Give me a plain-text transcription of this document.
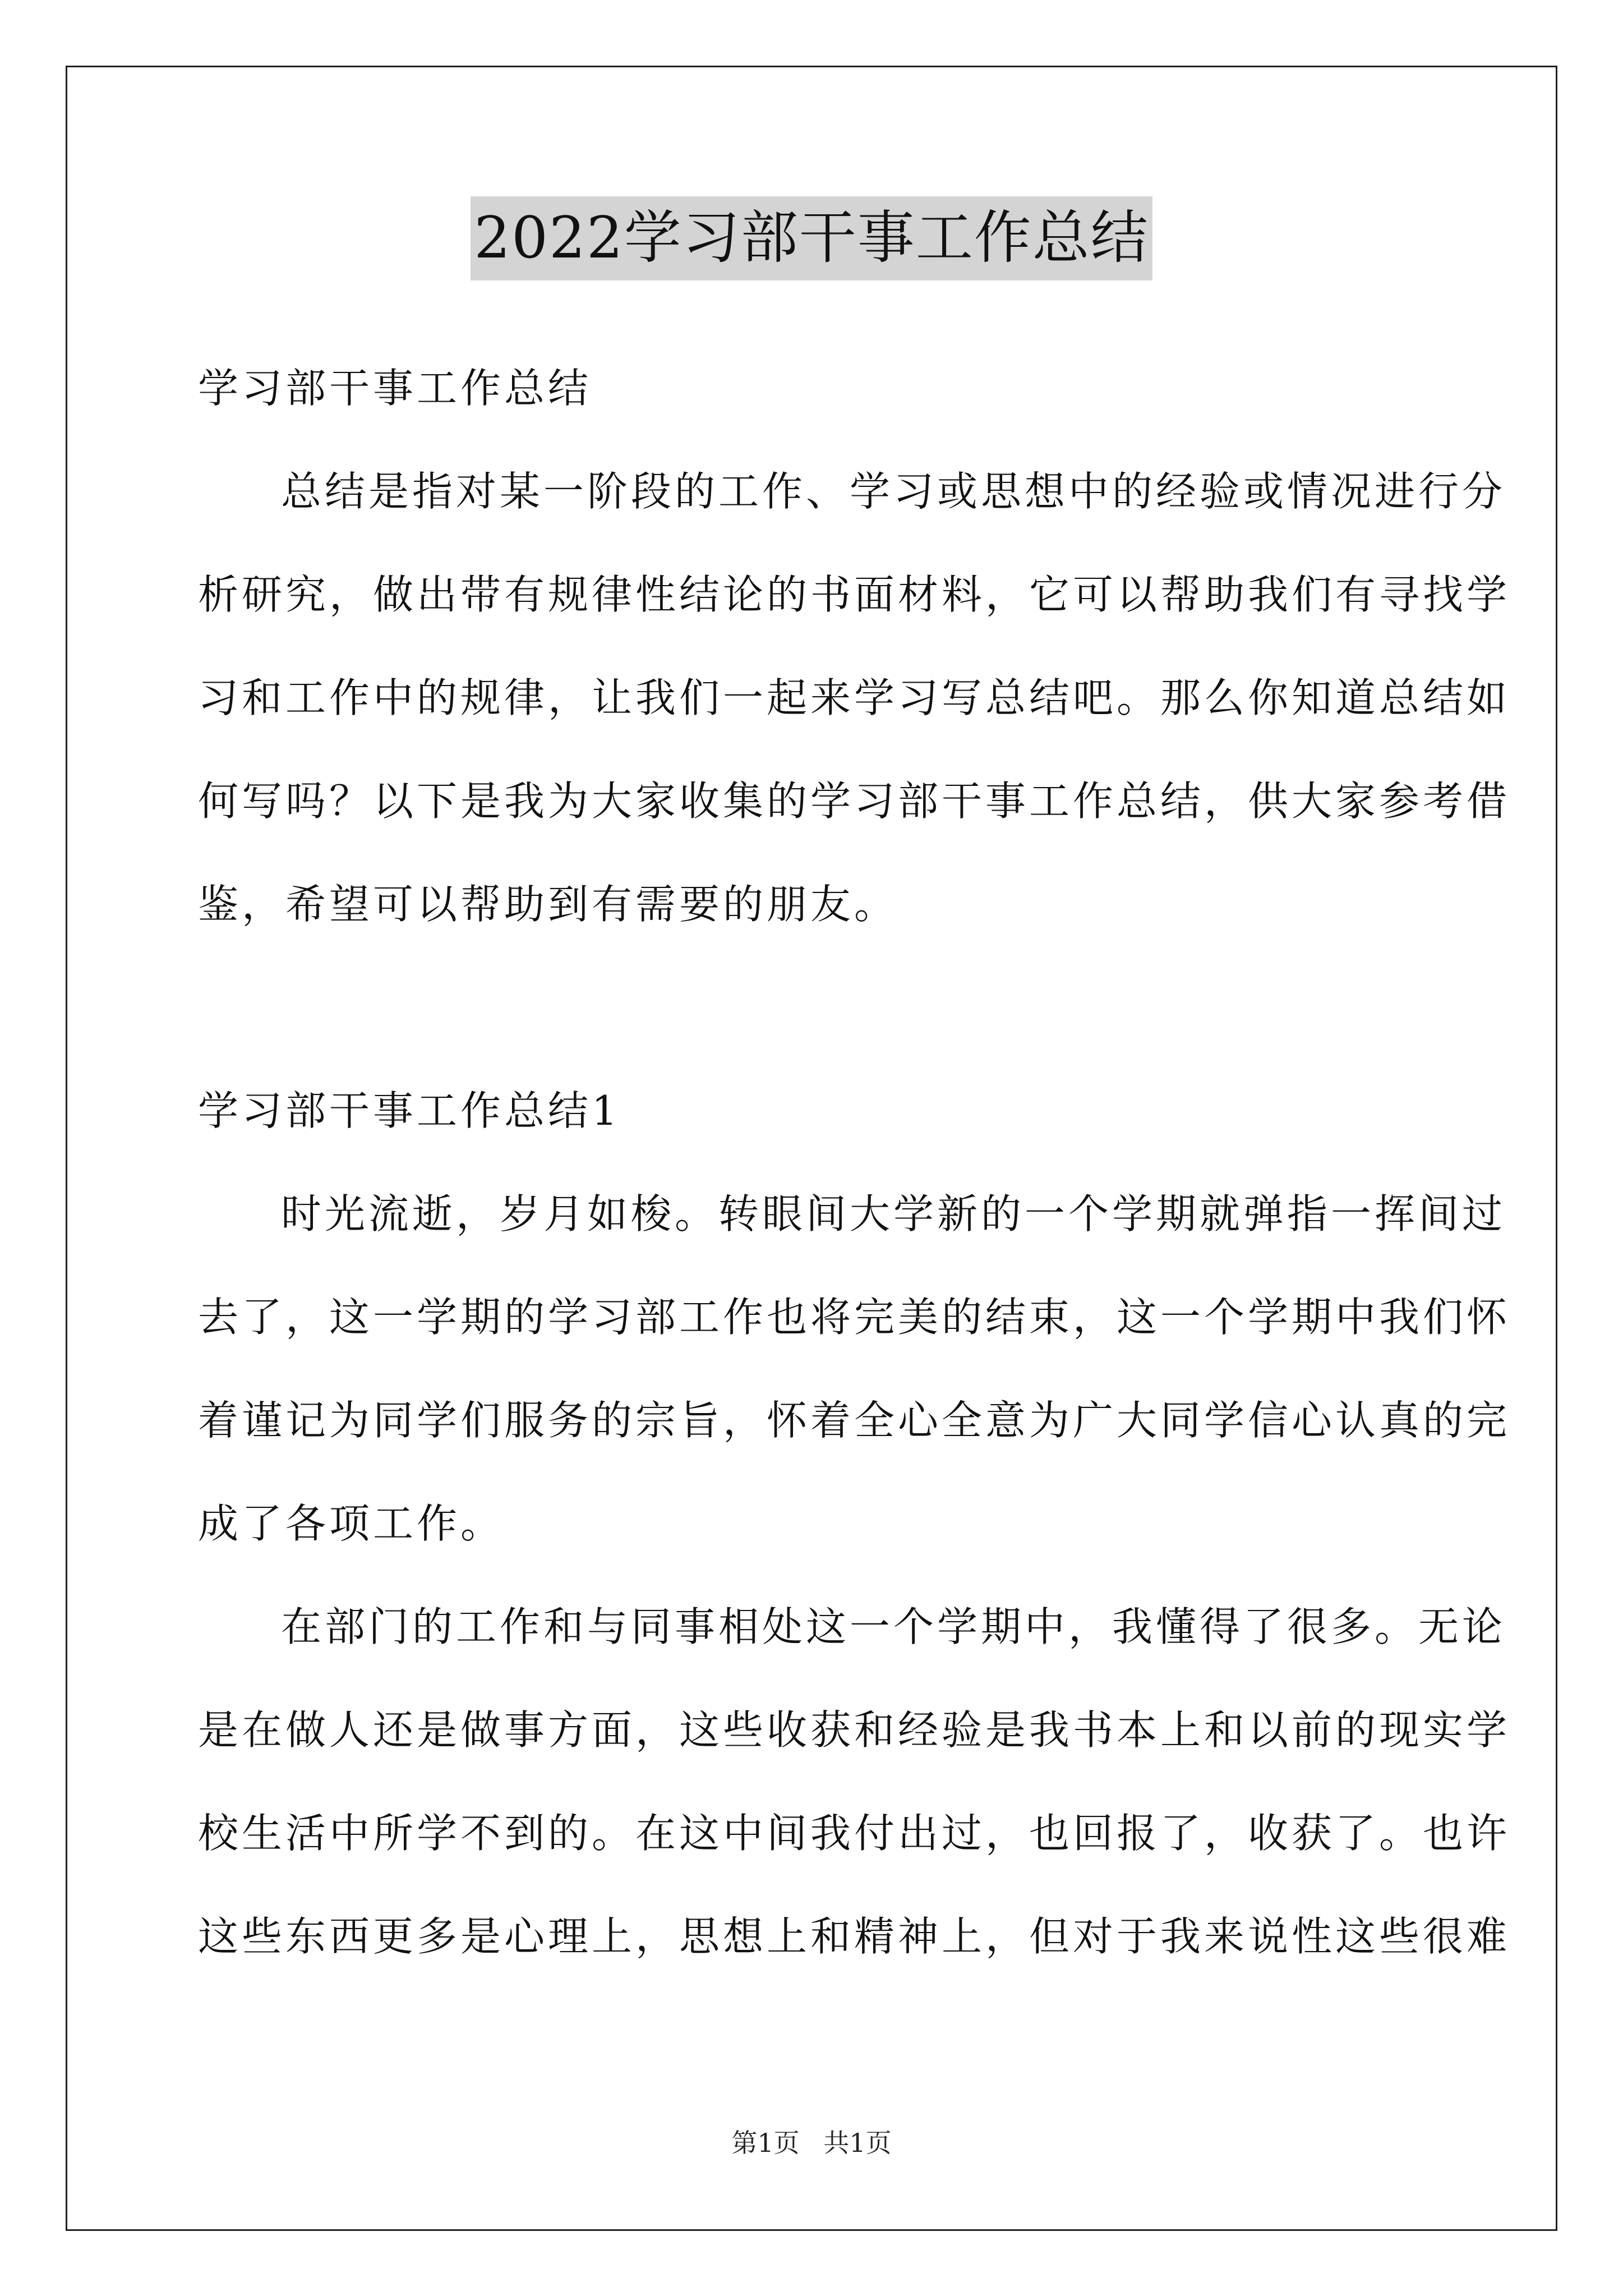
2022学习部干事工作总结
学习部干事工作总结

总结是指对某一阶段的工作、学习或思想中的经验或情况进行分
析研究，做出带有规律性结论的书面材料，它可以帮助我们有寻找学
习和工作中的规律，让我们一起来学习写总结吧。那么你知道总结如
何写吗？以下是我为大家收集的学习部干事工作总结，供大家参考借
鉴，希望可以帮助到有需要的朋友。

学习部干事工作总结1

时光流逝，岁月如梭。转眼间大学新的一个学期就弹指一挥间过
去了，这一学期的学习部工作也将完美的结束，这一个学期中我们怀
着谨记为同学们服务的宗旨，怀着全心全意为广大同学信心认真的完
成了各项工作。

在部门的工作和与同事相处这一个学期中，我懂得了很多。无论
是在做人还是做事方面，这些收获和经验是我书本上和以前的现实学
校生活中所学不到的。在这中间我付出过，也回报了，收获了。也许
这些东西更多是心理上，思想上和精神上，但对于我来说性这些很难

第1页 共1页
